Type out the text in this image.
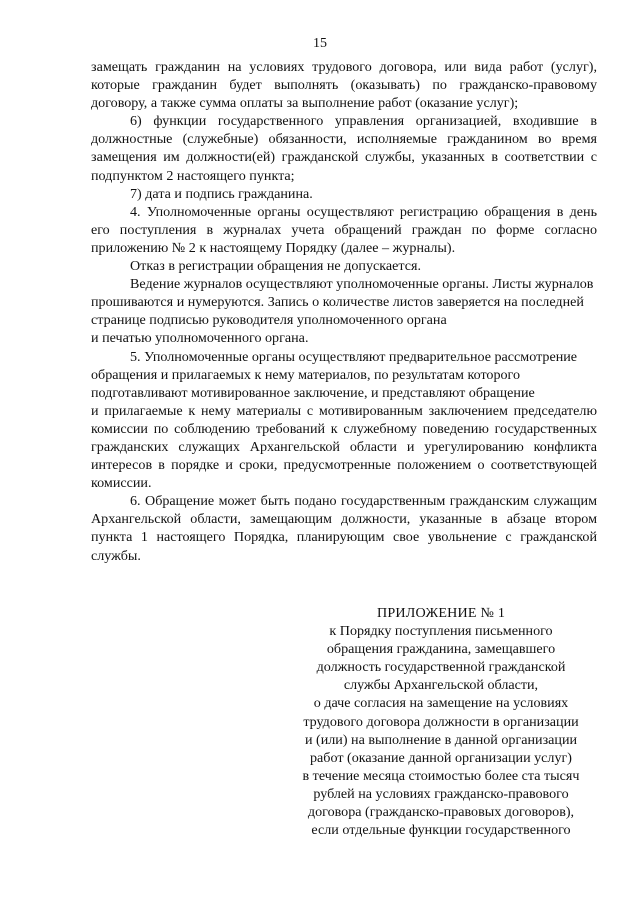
15

замещать гражданин на условиях трудового договора, или вида работ (услуг), которые гражданин будет выполнять (оказывать) по гражданско-правовому договору, а также сумма оплаты за выполнение работ (оказание услуг);

6) функции государственного управления организацией, входившие в должностные (служебные) обязанности, исполняемые гражданином во время замещения им должности(ей) гражданской службы, указанных в соответствии с подпунктом 2 настоящего пункта;

7) дата и подпись гражданина.

4. Уполномоченные органы осуществляют регистрацию обращения в день его поступления в журналах учета обращений граждан по форме согласно приложению № 2 к настоящему Порядку (далее – журналы).

Отказ в регистрации обращения не допускается.

Ведение журналов осуществляют уполномоченные органы. Листы журналов прошиваются и нумеруются. Запись о количестве листов заверяется на последней странице подписью руководителя уполномоченного органа

и печатью уполномоченного органа.

5. Уполномоченные органы осуществляют предварительное рассмотрение обращения и прилагаемых к нему материалов, по результатам которого подготавливают мотивированное заключение, и представляют обращение

и прилагаемые к нему материалы с мотивированным заключением председателю комиссии по соблюдению требований к служебному поведению государственных гражданских служащих Архангельской области и урегулированию конфликта интересов в порядке и сроки, предусмотренные положением о соответствующей комиссии.

6. Обращение может быть подано государственным гражданским служащим Архангельской области, замещающим должности, указанные в абзаце втором пункта 1 настоящего Порядка, планирующим свое увольнение с гражданской службы.

ПРИЛОЖЕНИЕ № 1

к Порядку поступления письменного

обращения гражданина, замещавшего

должность государственной гражданской

службы Архангельской области,

о даче согласия на замещение на условиях

трудового договора должности в организации

и (или) на выполнение в данной организации

работ (оказание данной организации услуг)

в течение месяца стоимостью более ста тысяч

рублей на условиях гражданско-правового

договора (гражданско-правовых договоров),

если отдельные функции государственного
